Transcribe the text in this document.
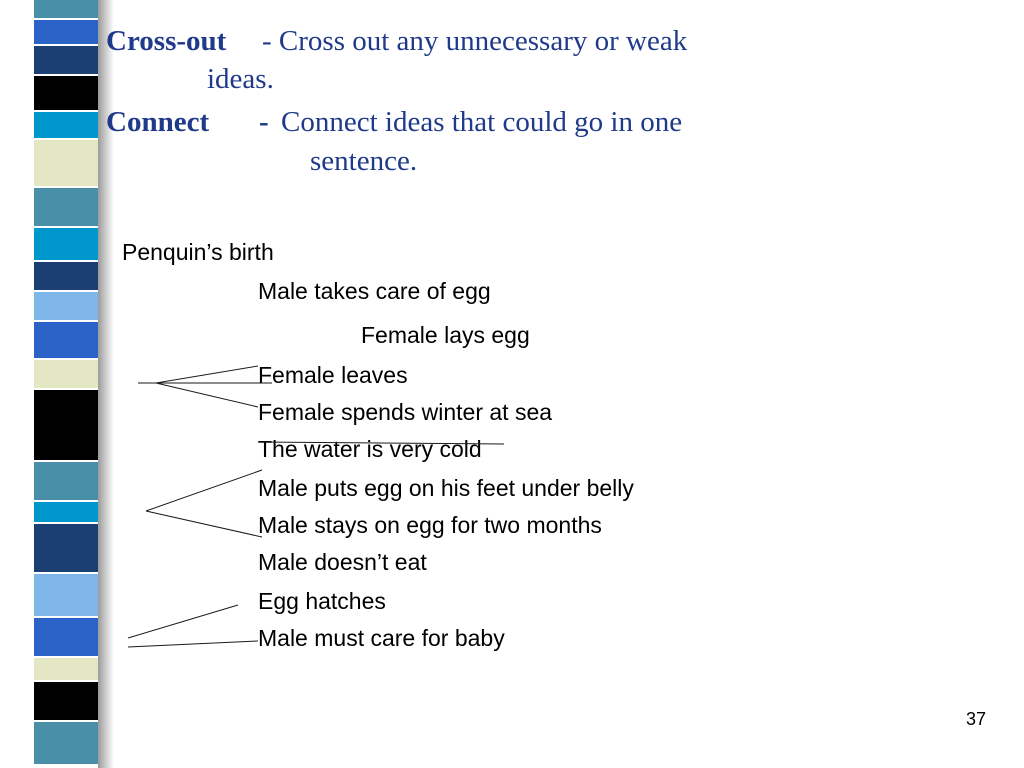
Cross-out - Cross out any unnecessary or weak
ideas.
Connect - Connect ideas that could go in one
sentence.
Penquin’s birth
Male takes care of egg
Female lays egg
Female leaves
Female spends winter at sea
The water is very cold
Male puts egg on his feet under belly
Male stays on egg for two months
Male doesn’t eat
Egg hatches
Male must care for baby
37
